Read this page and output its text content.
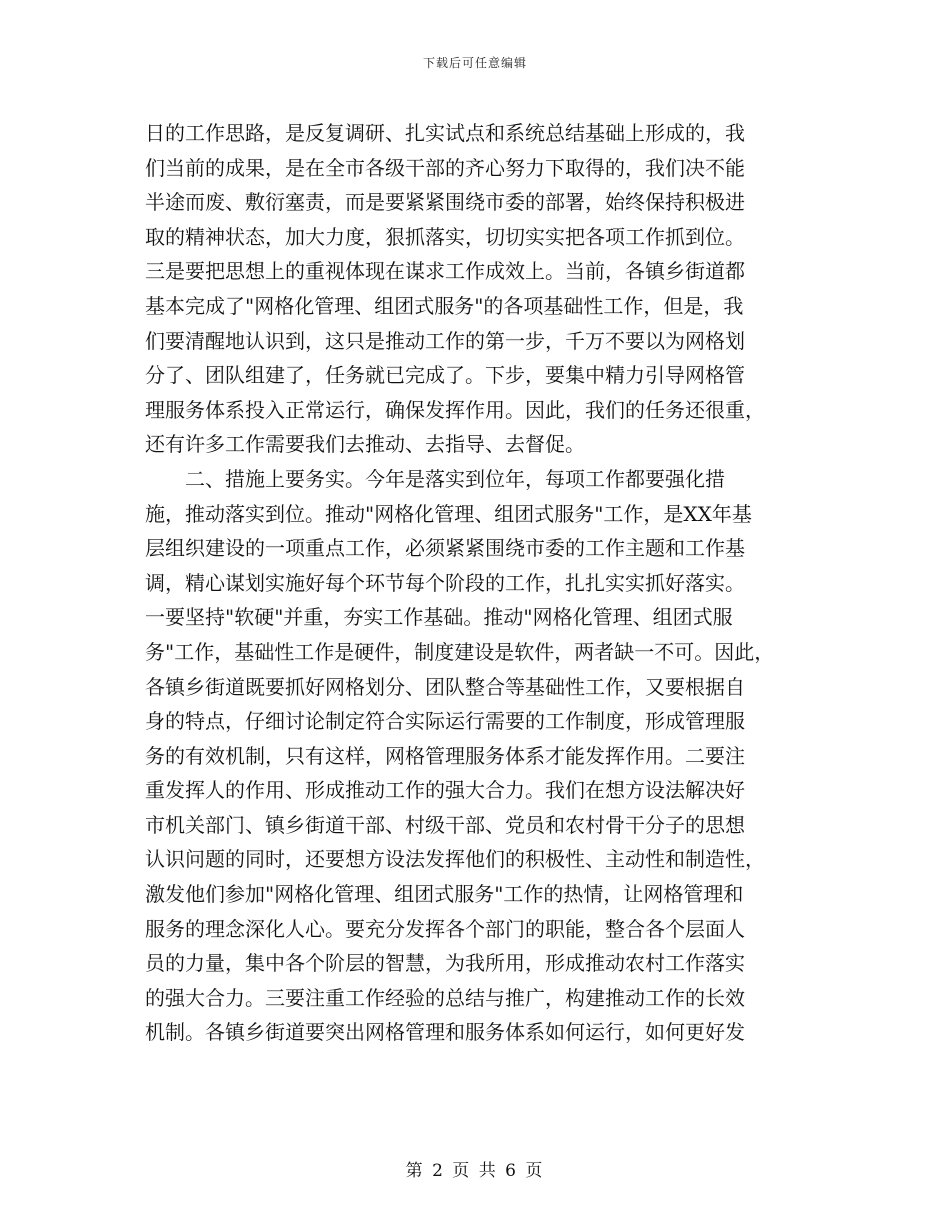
下载后可任意编辑
日的工作思路，是反复调研、扎实试点和系统总结基础上形成的，我
们当前的成果，是在全市各级干部的齐心努力下取得的，我们决不能
半途而废、敷衍塞责，而是要紧紧围绕市委的部署，始终保持积极进
取的精神状态，加大力度，狠抓落实，切切实实把各项工作抓到位。
三是要把思想上的重视体现在谋求工作成效上。当前，各镇乡街道都
基本完成了"网格化管理、组团式服务"的各项基础性工作，但是，我
们要清醒地认识到，这只是推动工作的第一步，千万不要以为网格划
分了、团队组建了，任务就已完成了。下步，要集中精力引导网格管
理服务体系投入正常运行，确保发挥作用。因此，我们的任务还很重，
还有许多工作需要我们去推动、去指导、去督促。
二、措施上要务实。今年是落实到位年，每项工作都要强化措
施，推动落实到位。推动"网格化管理、组团式服务"工作，是XX年基
层组织建设的一项重点工作，必须紧紧围绕市委的工作主题和工作基
调，精心谋划实施好每个环节每个阶段的工作，扎扎实实抓好落实。
一要坚持"软硬"并重，夯实工作基础。推动"网格化管理、组团式服
务"工作，基础性工作是硬件，制度建设是软件，两者缺一不可。因此，
各镇乡街道既要抓好网格划分、团队整合等基础性工作，又要根据自
身的特点，仔细讨论制定符合实际运行需要的工作制度，形成管理服
务的有效机制，只有这样，网格管理服务体系才能发挥作用。二要注
重发挥人的作用、形成推动工作的强大合力。我们在想方设法解决好
市机关部门、镇乡街道干部、村级干部、党员和农村骨干分子的思想
认识问题的同时，还要想方设法发挥他们的积极性、主动性和制造性，
激发他们参加"网格化管理、组团式服务"工作的热情，让网格管理和
服务的理念深化人心。要充分发挥各个部门的职能，整合各个层面人
员的力量，集中各个阶层的智慧，为我所用，形成推动农村工作落实
的强大合力。三要注重工作经验的总结与推广，构建推动工作的长效
机制。各镇乡街道要突出网格管理和服务体系如何运行，如何更好发
第 2 页 共 6 页
